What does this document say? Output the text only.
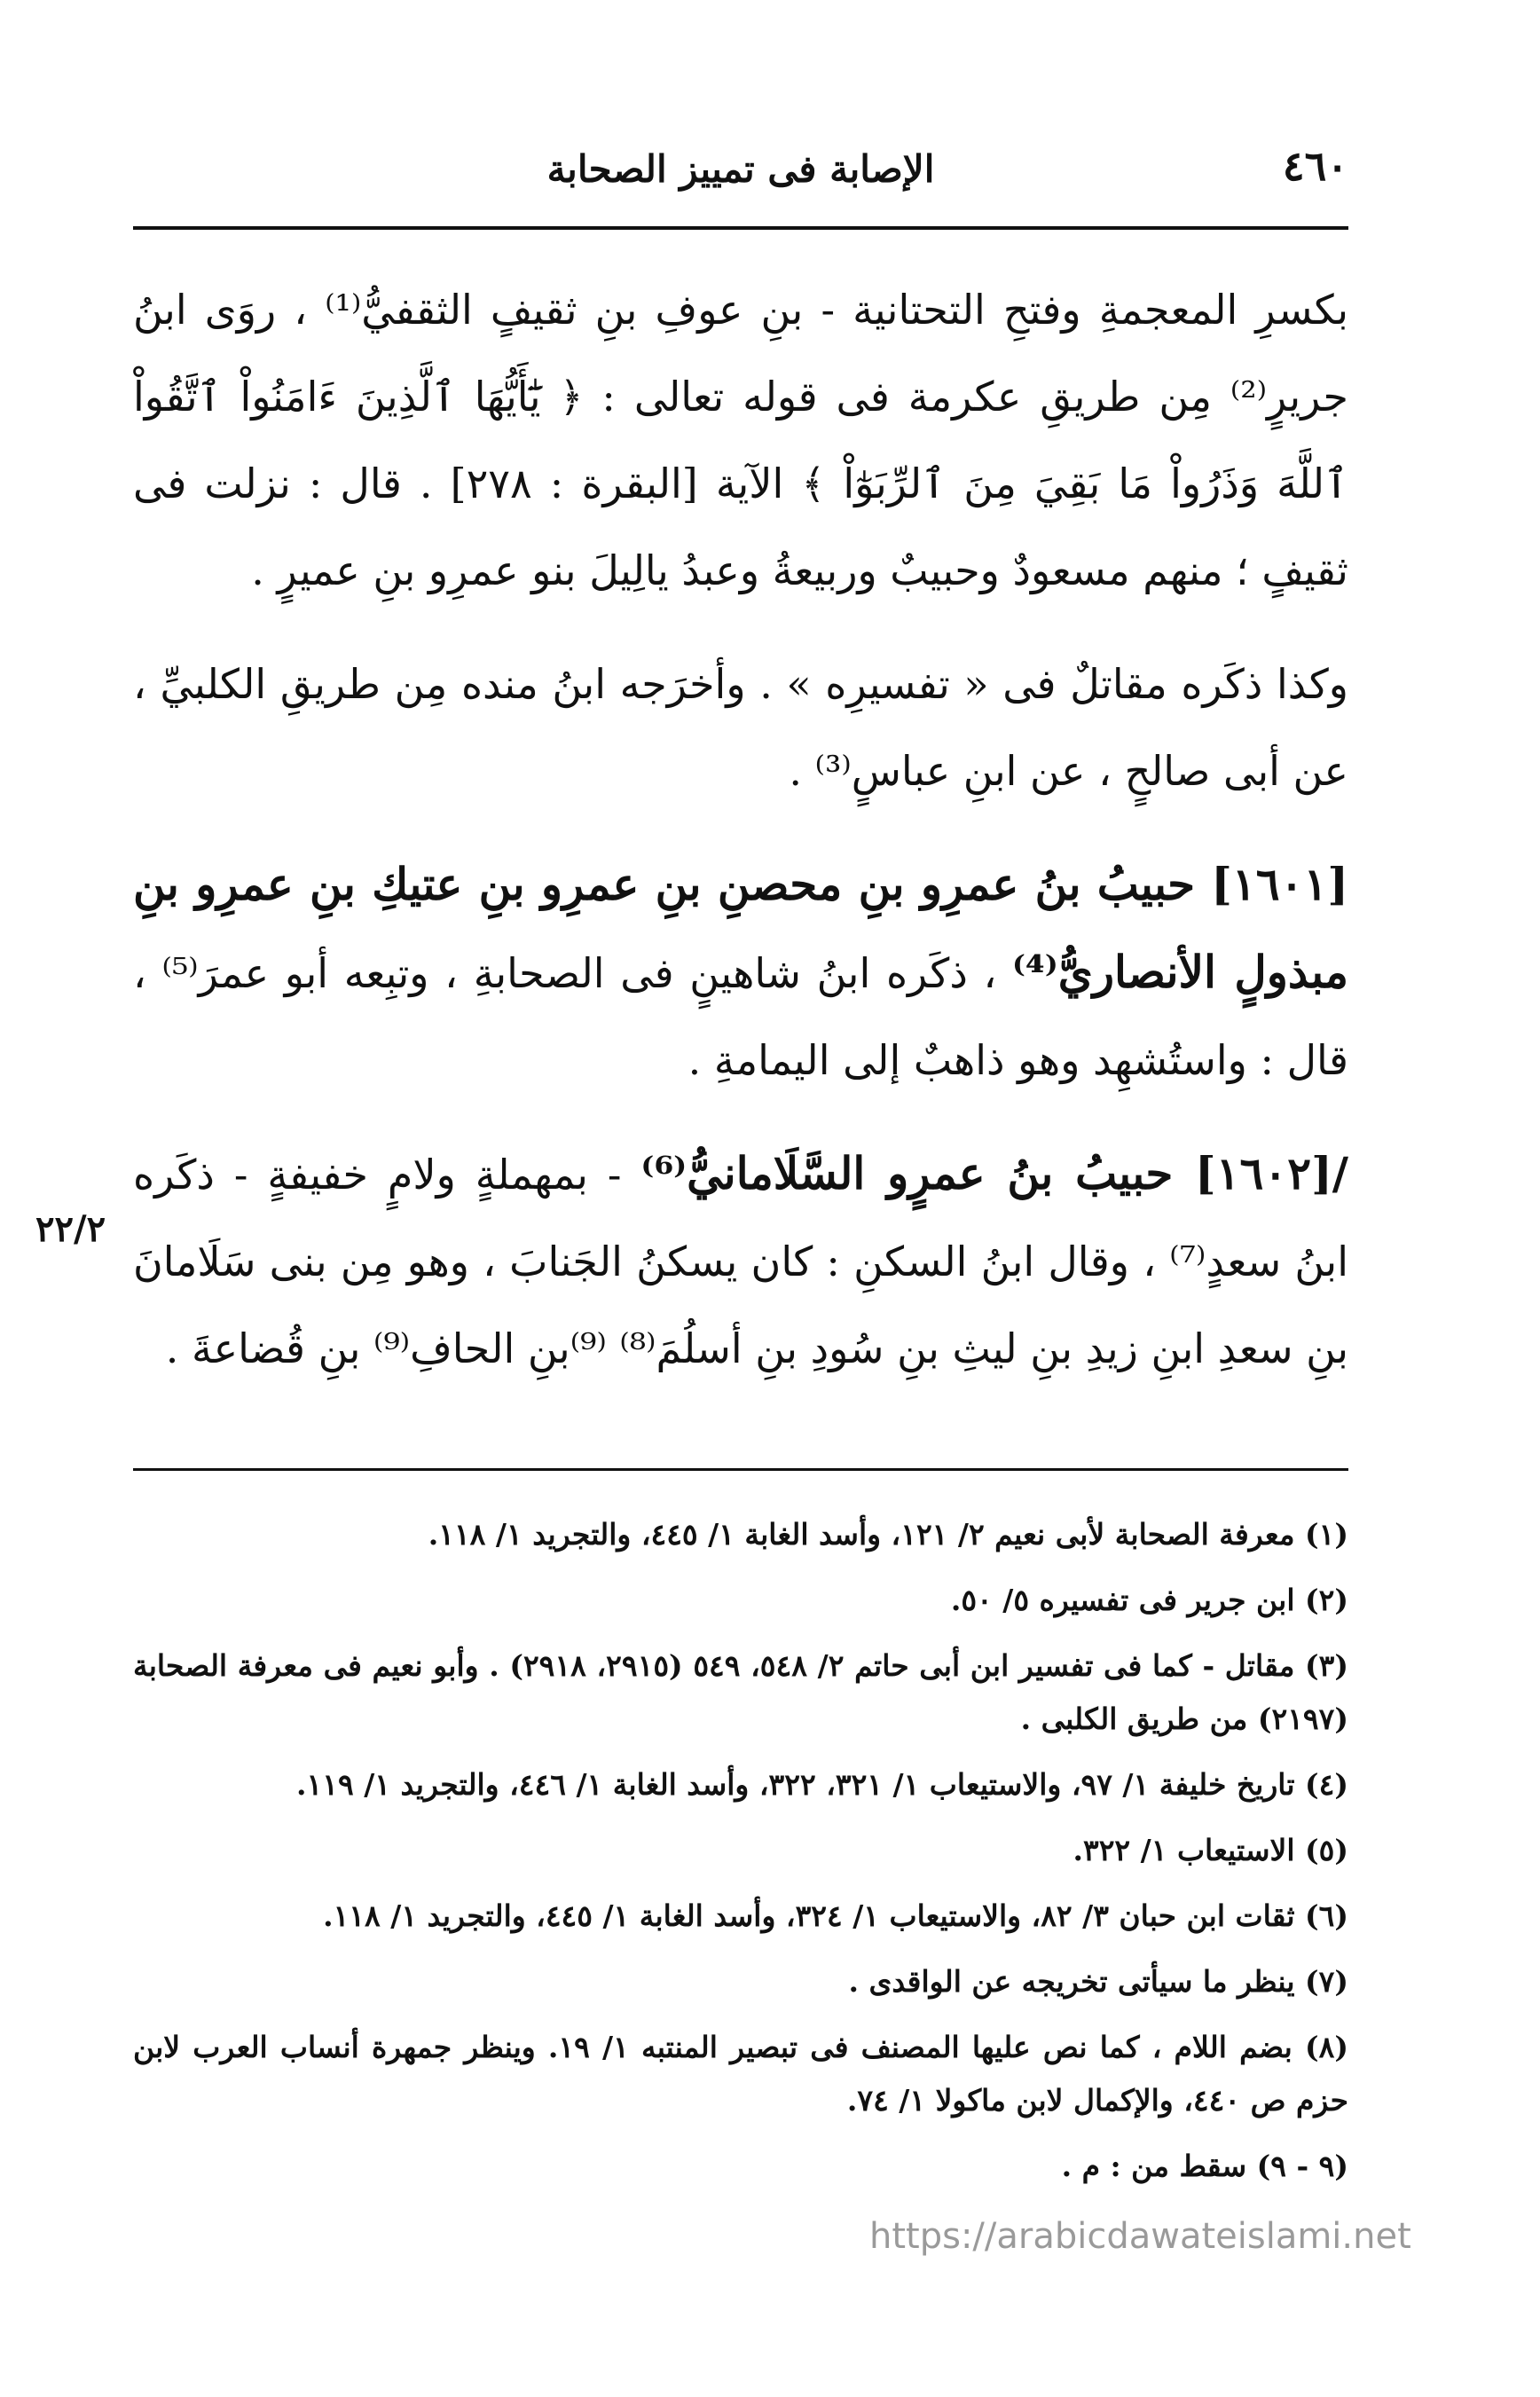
٤٦٠
الإصابة فى تمييز الصحابة
٢٢/٢

بكسرِ المعجمةِ وفتحِ التحتانية - بنِ عوفِ بنِ ثقيفٍ الثقفيُّ⁽¹⁾ ، روَى ابنُ جريرٍ⁽²⁾ مِن طريقِ عكرمة فى قوله تعالى : ﴿ يَٰٓأَيُّهَا ٱلَّذِينَ ءَامَنُواْ ٱتَّقُواْ ٱللَّهَ وَذَرُواْ مَا بَقِيَ مِنَ ٱلرِّبَوٰٓاْ ﴾ الآية [البقرة : ٢٧٨] . قال : نزلت فى ثقيفٍ ؛ منهم مسعودٌ وحبيبٌ وربيعةُ وعبدُ يالِيلَ بنو عمرِو بنِ عميرٍ .

وكذا ذكَره مقاتلٌ فى « تفسيرِه » . وأخرَجه ابنُ منده مِن طريقِ الكلبيِّ ، عن أبى صالحٍ ، عن ابنِ عباسٍ⁽³⁾ .

[١٦٠١] حبيبُ بنُ عمرِو بنِ محصنِ بنِ عمرِو بنِ عتيكِ بنِ عمرِو بنِ مبذولٍ الأنصاريُّ⁽⁴⁾ ، ذكَره ابنُ شاهينٍ فى الصحابةِ ، وتبِعه أبو عمرَ⁽⁵⁾ ، قال : واستُشهِد وهو ذاهبٌ إلى اليمامةِ .

/[١٦٠٢] حبيبُ بنُ عمرٍو السَّلَامانيُّ⁽⁶⁾ - بمهملةٍ ولامٍ خفيفةٍ - ذكَره ابنُ سعدٍ⁽⁷⁾ ، وقال ابنُ السكنِ : كان يسكنُ الجَنابَ ، وهو مِن بنى سَلَامانَ بنِ سعدِ ابنِ زيدِ بنِ ليثِ بنِ سُودِ بنِ أسلُمَ⁽⁸⁾ ⁽⁹⁾بنِ الحافِ⁽⁹⁾ بنِ قُضاعةَ .

(١) معرفة الصحابة لأبى نعيم ٢/ ١٢١، وأسد الغابة ١/ ٤٤٥، والتجريد ١/ ١١٨.

(٢) ابن جرير فى تفسيره ٥/ ٥٠.

(٣) مقاتل - كما فى تفسير ابن أبى حاتم ٢/ ٥٤٨، ٥٤٩ (٢٩١٥، ٢٩١٨) . وأبو نعيم فى معرفة الصحابة (٢١٩٧) من طريق الكلبى .

(٤) تاريخ خليفة ١/ ٩٧، والاستيعاب ١/ ٣٢١، ٣٢٢، وأسد الغابة ١/ ٤٤٦، والتجريد ١/ ١١٩.

(٥) الاستيعاب ١/ ٣٢٢.

(٦) ثقات ابن حبان ٣/ ٨٢، والاستيعاب ١/ ٣٢٤، وأسد الغابة ١/ ٤٤٥، والتجريد ١/ ١١٨.

(٧) ينظر ما سيأتى تخريجه عن الواقدى .

(٨) بضم اللام ، كما نص عليها المصنف فى تبصير المنتبه ١/ ١٩. وينظر جمهرة أنساب العرب لابن حزم ص ٤٤٠، والإكمال لابن ماكولا ١/ ٧٤.

(٩ - ٩) سقط من : م .

https://arabicdawateislami.net
